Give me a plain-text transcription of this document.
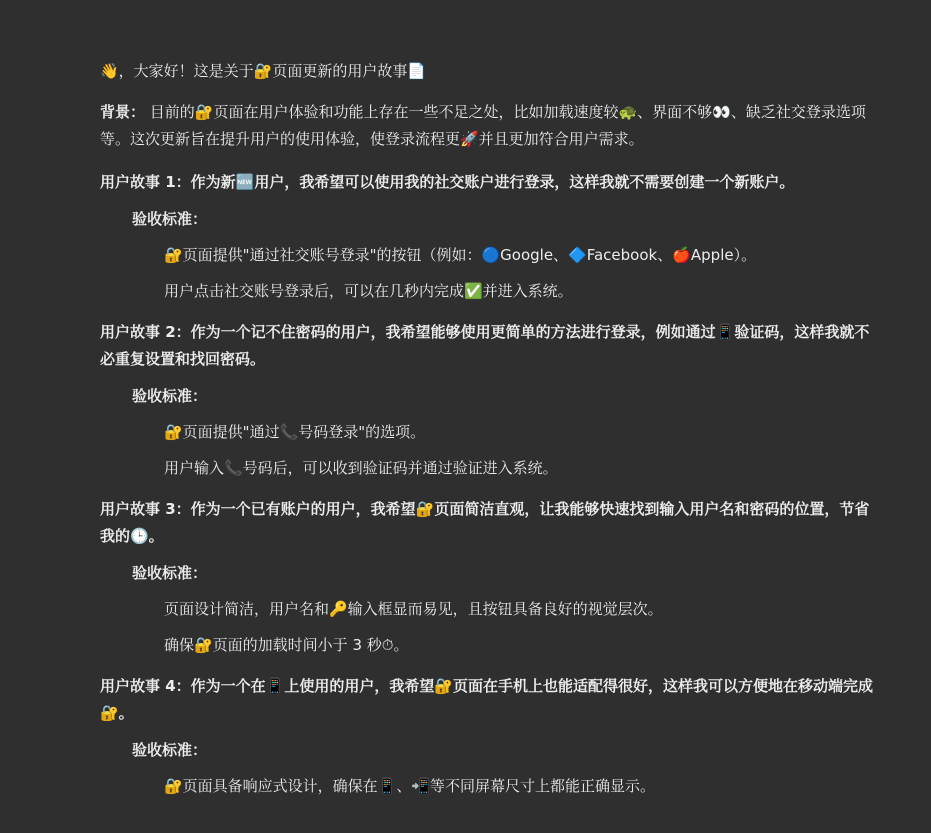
👋，大家好！这是关于🔐页面更新的用户故事📄

背景： 目前的🔐页面在用户体验和功能上存在一些不足之处，比如加载速度较🐢、界面不够👀、缺乏社交登录选项等。这次更新旨在提升用户的使用体验，使登录流程更🚀并且更加符合用户需求。

用户故事 1：作为新🆕用户，我希望可以使用我的社交账户进行登录，这样我就不需要创建一个新账户。

验收标准：

🔐页面提供"通过社交账号登录"的按钮（例如：🔵Google、🔷Facebook、🍎Apple）。

用户点击社交账号登录后，可以在几秒内完成✅并进入系统。

用户故事 2：作为一个记不住密码的用户，我希望能够使用更简单的方法进行登录，例如通过📱验证码，这样我就不必重复设置和找回密码。

验收标准：

🔐页面提供"通过📞号码登录"的选项。

用户输入📞号码后，可以收到验证码并通过验证进入系统。

用户故事 3：作为一个已有账户的用户，我希望🔐页面简洁直观，让我能够快速找到输入用户名和密码的位置，节省我的🕒。

验收标准：

页面设计简洁，用户名和🔑输入框显而易见，且按钮具备良好的视觉层次。

确保🔐页面的加载时间小于 3 秒⏱。

用户故事 4：作为一个在📱上使用的用户，我希望🔐页面在手机上也能适配得很好，这样我可以方便地在移动端完成🔐。

验收标准：

🔐页面具备响应式设计，确保在📱、📲等不同屏幕尺寸上都能正确显示。
